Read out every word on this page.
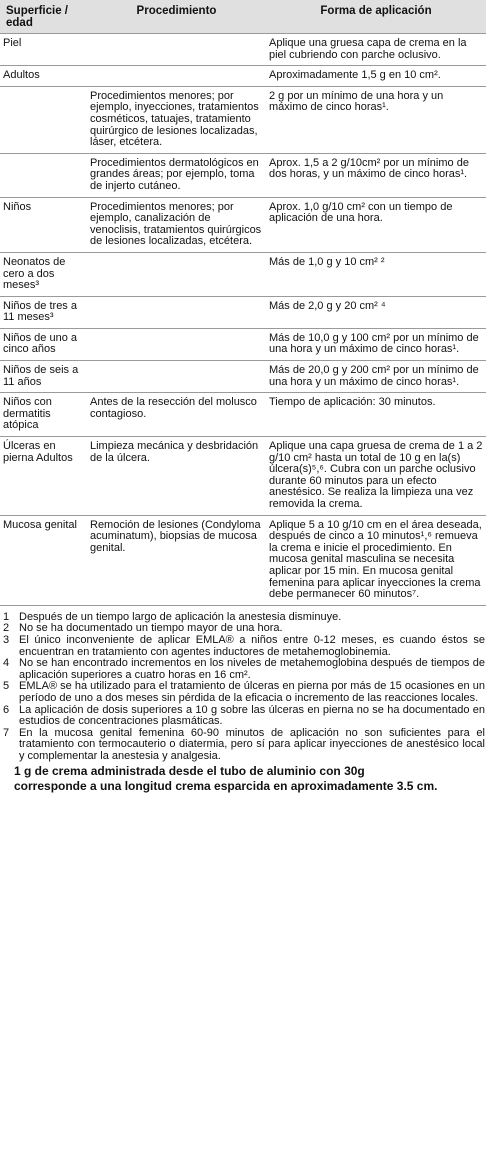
Superficie / edad	Procedimiento	Forma de aplicación
Piel		Aplique una gruesa capa de crema en la piel cubriendo con parche oclusivo.
Adultos		Aproximadamente 1,5 g en 10 cm².
	Procedimientos menores; por ejemplo, inyecciones, tratamientos cosméticos, tatuajes, tratamiento quirúrgico de lesiones localizadas, láser, etcétera.	2 g por un mínimo de una hora y un máximo de cinco horas¹.
	Procedimientos dermatológicos en grandes áreas; por ejemplo, toma de injerto cutáneo.	Aprox. 1,5 a 2 g/10cm² por un mínimo de dos horas, y un máximo de cinco horas¹.
Niños	Procedimientos menores; por ejemplo, canalización de venoclisis, tratamientos quirúrgicos de lesiones localizadas, etcétera.	Aprox. 1,0 g/10 cm² con un tiempo de aplicación de una hora.
Neonatos de cero a dos meses³		Más de 1,0 g y 10 cm² ²
Niños de tres a 11 meses³		Más de 2,0 g y 20 cm² ⁴
Niños de uno a cinco años		Más de 10,0 g y 100 cm² por un mínimo de una hora y un máximo de cinco horas¹.
Niños de seis a 11 años		Más de 20,0 g y 200 cm² por un mínimo de una hora y un máximo de cinco horas¹.
Niños con dermatitis atópica	Antes de la resección del molusco contagioso.	Tiempo de aplicación: 30 minutos.
Úlceras en pierna Adultos	Limpieza mecánica y desbridación de la úlcera.	Aplique una capa gruesa de crema de 1 a 2 g/10 cm² hasta un total de 10 g en la(s) úlcera(s)⁵,⁶. Cubra con un parche oclusivo durante 60 minutos para un efecto anestésico. Se realiza la limpieza una vez removida la crema.
Mucosa genital	Remoción de lesiones (Condyloma acuminatum), biopsias de mucosa genital.	Aplique 5 a 10 g/10 cm en el área deseada, después de cinco a 10 minutos¹,⁶ remueva la crema e inicie el procedimiento. En mucosa genital masculina se necesita aplicar por 15 min. En mucosa genital femenina para aplicar inyecciones la crema debe permanecer 60 minutos⁷.
1 Después de un tiempo largo de aplicación la anestesia disminuye.
2 No se ha documentado un tiempo mayor de una hora.
3 El único inconveniente de aplicar EMLA® a niños entre 0-12 meses, es cuando éstos se encuentran en tratamiento con agentes inductores de metahemoglobinemia.
4 No se han encontrado incrementos en los niveles de metahemoglobina después de tiempos de aplicación superiores a cuatro horas en 16 cm².
5 EMLA® se ha utilizado para el tratamiento de úlceras en pierna por más de 15 ocasiones en un período de uno a dos meses sin pérdida de la eficacia o incremento de las reacciones locales.
6 La aplicación de dosis superiores a 10 g sobre las úlceras en pierna no se ha documentado en estudios de concentraciones plasmáticas.
7 En la mucosa genital femenina 60-90 minutos de aplicación no son suficientes para el tratamiento con termocauterio o diatermia, pero sí para aplicar inyecciones de anestésico local y complementar la anestesia y analgesia.
1 g de crema administrada desde el tubo de aluminio con 30g
corresponde a una longitud crema esparcida en aproximadamente 3.5 cm.
